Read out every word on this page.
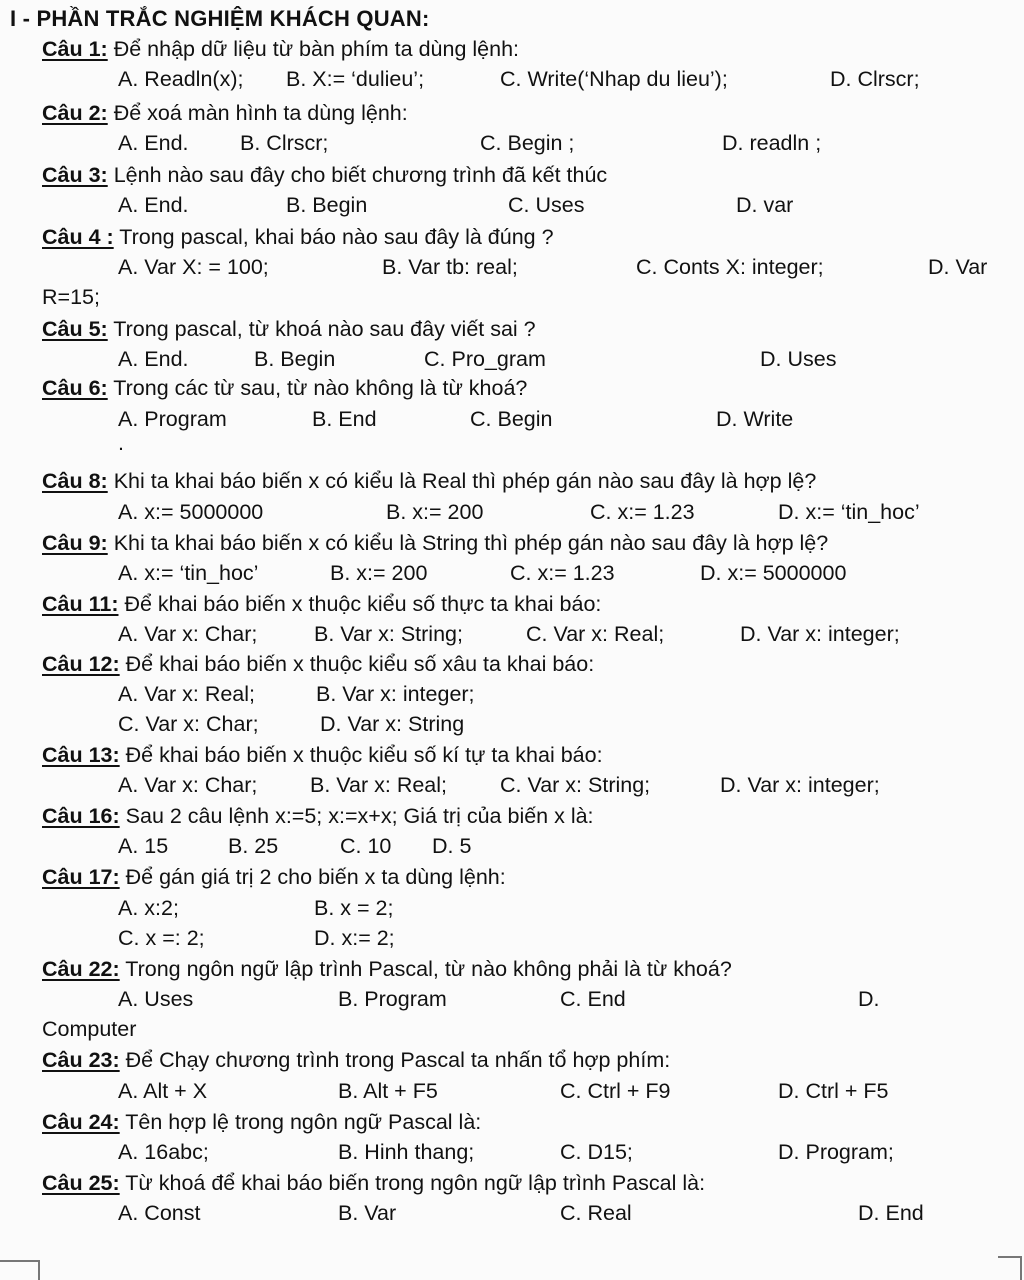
I - PHẦN TRẮC NGHIỆM KHÁCH QUAN:
Câu 1: Để nhập dữ liệu từ bàn phím ta dùng lệnh:
A. Readln(x); B. X:= ‘dulieu’;	C. Write(‘Nhap du lieu’);	D. Clrscr;
Câu 2: Để xoá màn hình ta dùng lệnh:
A. End. B. Clrscr;	C. Begin ;	D. readln ;
Câu 3: Lệnh nào sau đây cho biết chương trình đã kết thúc
A. End.	B. Begin	C. Uses	D. var
Câu 4 : Trong pascal, khai báo nào sau đây là đúng ?
A. Var X: = 100;	B. Var tb: real;	C. Conts X: integer;	D. Var
R=15;
Câu 5: Trong pascal, từ khoá nào sau đây viết sai ?
A. End.	B. Begin	C. Pro_gram	D. Uses
Câu 6: Trong các từ sau, từ nào không là từ khoá?
A. Program	B. End	C. Begin	D. Write
.
Câu 8: Khi ta khai báo biến x có kiểu là Real thì phép gán nào sau đây là hợp lệ?
A. x:= 5000000	B. x:= 200	C. x:= 1.23	D. x:= ‘tin_hoc’
Câu 9: Khi ta khai báo biến x có kiểu là String thì phép gán nào sau đây là hợp lệ?
A. x:= ‘tin_hoc’	B. x:= 200	C. x:= 1.23	D. x:= 5000000
Câu 11: Để khai báo biến x thuộc kiểu số thực ta khai báo:
A. Var x: Char;	B. Var x: String;	C. Var x: Real;	D. Var x: integer;
Câu 12: Để khai báo biến x thuộc kiểu số xâu ta khai báo:
A. Var x: Real;	B. Var x: integer;
C. Var x: Char;	D. Var x: String
Câu 13: Để khai báo biến x thuộc kiểu số kí tự ta khai báo:
A. Var x: Char; B. Var x: Real; C. Var x: String;	D. Var x: integer;
Câu 16: Sau 2 câu lệnh x:=5; x:=x+x; Giá trị của biến x là:
A. 15	B. 25	C. 10 D. 5
Câu 17: Để gán giá trị 2 cho biến x ta dùng lệnh:
A. x:2;	B. x = 2;
C. x =: 2;	D. x:= 2;
Câu 22: Trong ngôn ngữ lập trình Pascal, từ nào không phải là từ khoá?
A. Uses	B. Program	C. End	D.
Computer
Câu 23: Để Chạy chương trình trong Pascal ta nhấn tổ hợp phím:
A. Alt + X	B. Alt + F5	C. Ctrl + F9	D. Ctrl + F5
Câu 24: Tên hợp lệ trong ngôn ngữ Pascal là:
A. 16abc;	B. Hinh thang;	C. D15;	D. Program;
Câu 25: Từ khoá để khai báo biến trong ngôn ngữ lập trình Pascal là:
A. Const	B. Var	C. Real	D. End
